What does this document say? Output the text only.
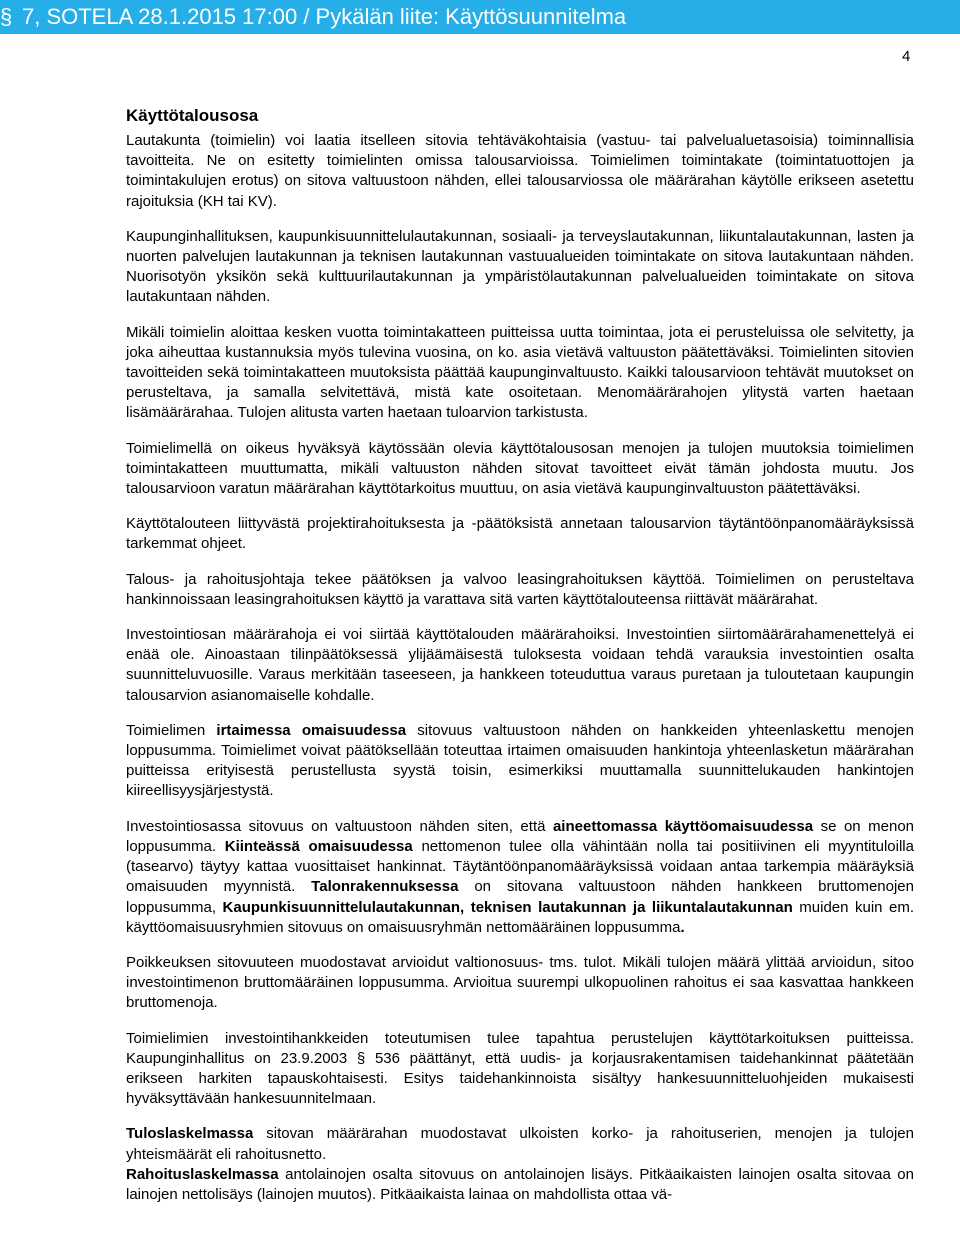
§ 7, SOTELA 28.1.2015 17:00 / Pykälän liite: Käyttösuunnitelma
4
Käyttötalousosa

Lautakunta (toimielin) voi laatia itselleen sitovia tehtäväkohtaisia (vastuu- tai palvelualuetasoisia) toiminnallisia tavoitteita. Ne on esitetty toimielinten omissa talousarvioissa. Toimielimen toimintakate (toimintatuottojen ja toimintakulujen erotus) on sitova valtuustoon nähden, ellei talousarviossa ole määrärahan käytölle erikseen asetettu rajoituksia (KH tai KV).

Kaupunginhallituksen, kaupunkisuunnittelulautakunnan, sosiaali- ja terveyslautakunnan, liikuntalautakunnan, lasten ja nuorten palvelujen lautakunnan ja teknisen lautakunnan vastuualueiden toimintakate on sitova lautakuntaan nähden. Nuorisotyön yksikön sekä kulttuurilautakunnan ja ympäristölautakunnan palvelualueiden toimintakate on sitova lautakuntaan nähden.

Mikäli toimielin aloittaa kesken vuotta toimintakatteen puitteissa uutta toimintaa, jota ei perusteluissa ole selvitetty, ja joka aiheuttaa kustannuksia myös tulevina vuosina, on ko. asia vietävä valtuuston päätettäväksi. Toimielinten sitovien tavoitteiden sekä toimintakatteen muutoksista päättää kaupunginvaltuusto. Kaikki talousarvioon tehtävät muutokset on perusteltava, ja samalla selvitettävä, mistä kate osoitetaan. Menomäärärahojen ylitystä varten haetaan lisämäärärahaa. Tulojen alitusta varten haetaan tuloarvion tarkistusta.

Toimielimellä on oikeus hyväksyä käytössään olevia käyttötalousosan menojen ja tulojen muutoksia toimielimen toimintakatteen muuttumatta, mikäli valtuuston nähden sitovat tavoitteet eivät tämän johdosta muutu. Jos talousarvioon varatun määrärahan käyttötarkoitus muuttuu, on asia vietävä kaupunginvaltuuston päätettäväksi.

Käyttötalouteen liittyvästä projektirahoituksesta ja -päätöksistä annetaan talousarvion täytäntöönpanomääräyksissä tarkemmat ohjeet.

Talous- ja rahoitusjohtaja tekee päätöksen ja valvoo leasingrahoituksen käyttöä. Toimielimen on perusteltava hankinnoissaan leasingrahoituksen käyttö ja varattava sitä varten käyttötalouteensa riittävät määrärahat.

Investointiosan määrärahoja ei voi siirtää käyttötalouden määrärahoiksi. Investointien siirtomäärärahamenettelyä ei enää ole. Ainoastaan tilinpäätöksessä ylijäämäisestä tuloksesta voidaan tehdä varauksia investointien osalta suunnitteluvuosille. Varaus merkitään taseeseen, ja hankkeen toteuduttua varaus puretaan ja tuloutetaan kaupungin talousarvion asianomaiselle kohdalle.

Toimielimen irtaimessa omaisuudessa sitovuus valtuustoon nähden on hankkeiden yhteenlaskettu menojen loppusumma. Toimielimet voivat päätöksellään toteuttaa irtaimen omaisuuden hankintoja yhteenlasketun määrärahan puitteissa erityisestä perustellusta syystä toisin, esimerkiksi muuttamalla suunnittelukauden hankintojen kiireellisyysjärjestystä.

Investointiosassa sitovuus on valtuustoon nähden siten, että aineettomassa käyttöomaisuudessa se on menon loppusumma. Kiinteässä omaisuudessa nettomenon tulee olla vähintään nolla tai positiivinen eli myyntituloilla (tasearvo) täytyy kattaa vuosittaiset hankinnat. Täytäntöönpanomääräyksissä voidaan antaa tarkempia määräyksiä omaisuuden myynnistä. Talonrakennuksessa on sitovana valtuustoon nähden hankkeen bruttomenojen loppusumma, Kaupunkisuunnittelulautakunnan, teknisen lautakunnan ja liikuntalautakunnan muiden kuin em. käyttöomaisuusryhmien sitovuus on omaisuusryhmän nettomääräinen loppusumma.

Poikkeuksen sitovuuteen muodostavat arvioidut valtionosuus- tms. tulot. Mikäli tulojen määrä ylittää arvioidun, sitoo investointimenon bruttomääräinen loppusumma. Arvioitua suurempi ulkopuolinen rahoitus ei saa kasvattaa hankkeen bruttomenoja.

Toimielimien investointihankkeiden toteutumisen tulee tapahtua perustelujen käyttötarkoituksen puitteissa. Kaupunginhallitus on 23.9.2003 § 536 päättänyt, että uudis- ja korjausrakentamisen taidehankinnat päätetään erikseen harkiten tapauskohtaisesti. Esitys taidehankinnoista sisältyy hankesuunnitteluohjeiden mukaisesti hyväksyttävään hankesuunnitelmaan.

Tuloslaskelmassa sitovan määrärahan muodostavat ulkoisten korko- ja rahoituserien, menojen ja tulojen yhteismäärät eli rahoitusnetto.

Rahoituslaskelmassa antolainojen osalta sitovuus on antolainojen lisäys. Pitkäaikaisten lainojen osalta sitovaa on lainojen nettolisäys (lainojen muutos). Pitkäaikaista lainaa on mahdollista ottaa vä-
